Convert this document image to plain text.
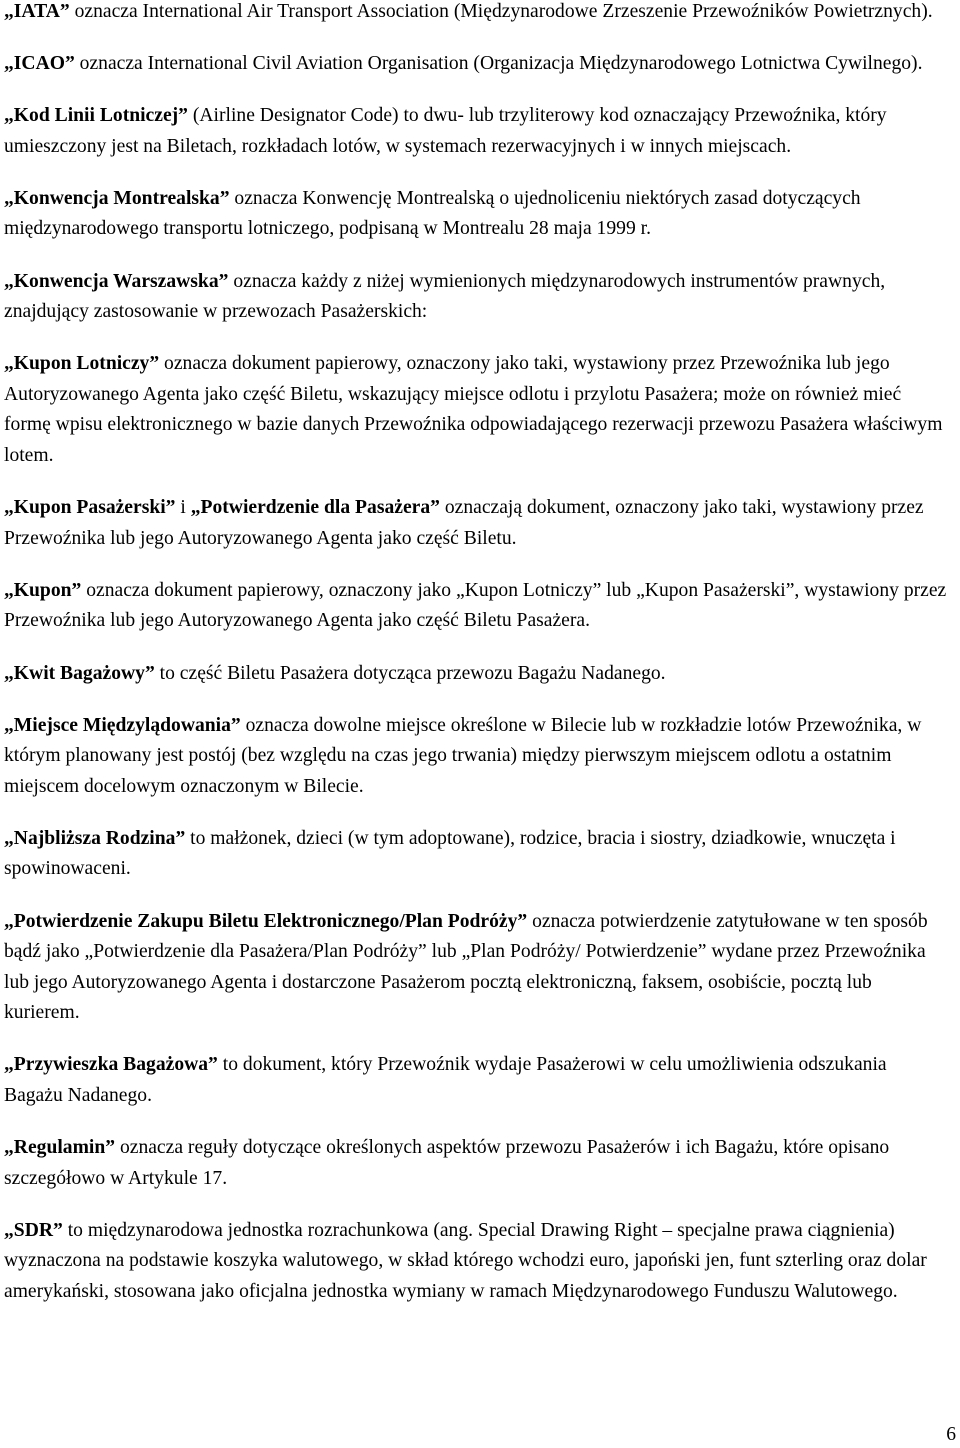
„IATA” oznacza International Air Transport Association (Międzynarodowe Zrzeszenie Przewoźników Powietrznych).

„ICAO” oznacza International Civil Aviation Organisation (Organizacja Międzynarodowego Lotnictwa Cywilnego).

„Kod Linii Lotniczej” (Airline Designator Code) to dwu- lub trzyliterowy kod oznaczający Przewoźnika, który umieszczony jest na Biletach, rozkładach lotów, w systemach rezerwacyjnych i w innych miejscach.

„Konwencja Montrealska” oznacza Konwencję Montrealską o ujednoliceniu niektórych zasad dotyczących międzynarodowego transportu lotniczego, podpisaną w Montrealu 28 maja 1999 r.

„Konwencja Warszawska” oznacza każdy z niżej wymienionych międzynarodowych instrumentów prawnych, znajdujący zastosowanie w przewozach Pasażerskich:

„Kupon Lotniczy” oznacza dokument papierowy, oznaczony jako taki, wystawiony przez Przewoźnika lub jego Autoryzowanego Agenta jako część Biletu, wskazujący miejsce odlotu i przylotu Pasażera; może on również mieć formę wpisu elektronicznego w bazie danych Przewoźnika odpowiadającego rezerwacji przewozu Pasażera właściwym lotem.

„Kupon Pasażerski” i „Potwierdzenie dla Pasażera” oznaczają dokument, oznaczony jako taki, wystawiony przez Przewoźnika lub jego Autoryzowanego Agenta jako część Biletu.

„Kupon” oznacza dokument papierowy, oznaczony jako „Kupon Lotniczy” lub „Kupon Pasażerski”, wystawiony przez Przewoźnika lub jego Autoryzowanego Agenta jako część Biletu Pasażera.

„Kwit Bagażowy” to część Biletu Pasażera dotycząca przewozu Bagażu Nadanego.

„Miejsce Międzylądowania” oznacza dowolne miejsce określone w Bilecie lub w rozkładzie lotów Przewoźnika, w którym planowany jest postój (bez względu na czas jego trwania) między pierwszym miejscem odlotu a ostatnim miejscem docelowym oznaczonym w Bilecie.

„Najbliższa Rodzina” to małżonek, dzieci (w tym adoptowane), rodzice, bracia i siostry, dziadkowie, wnuczęta i spowinowaceni.

„Potwierdzenie Zakupu Biletu Elektronicznego/Plan Podróży” oznacza potwierdzenie zatytułowane w ten sposób bądź jako „Potwierdzenie dla Pasażera/Plan Podróży” lub „Plan Podróży/ Potwierdzenie” wydane przez Przewoźnika lub jego Autoryzowanego Agenta i dostarczone Pasażerom pocztą elektroniczną, faksem, osobiście, pocztą lub kurierem.

„Przywieszka Bagażowa” to dokument, który Przewoźnik wydaje Pasażerowi w celu umożliwienia odszukania Bagażu Nadanego.

„Regulamin” oznacza reguły dotyczące określonych aspektów przewozu Pasażerów i ich Bagażu, które opisano szczegółowo w Artykule 17.

„SDR” to międzynarodowa jednostka rozrachunkowa (ang. Special Drawing Right – specjalne prawa ciągnienia) wyznaczona na podstawie koszyka walutowego, w skład którego wchodzi euro, japoński jen, funt szterling oraz dolar amerykański, stosowana jako oficjalna jednostka wymiany w ramach Międzynarodowego Funduszu Walutowego.

6
